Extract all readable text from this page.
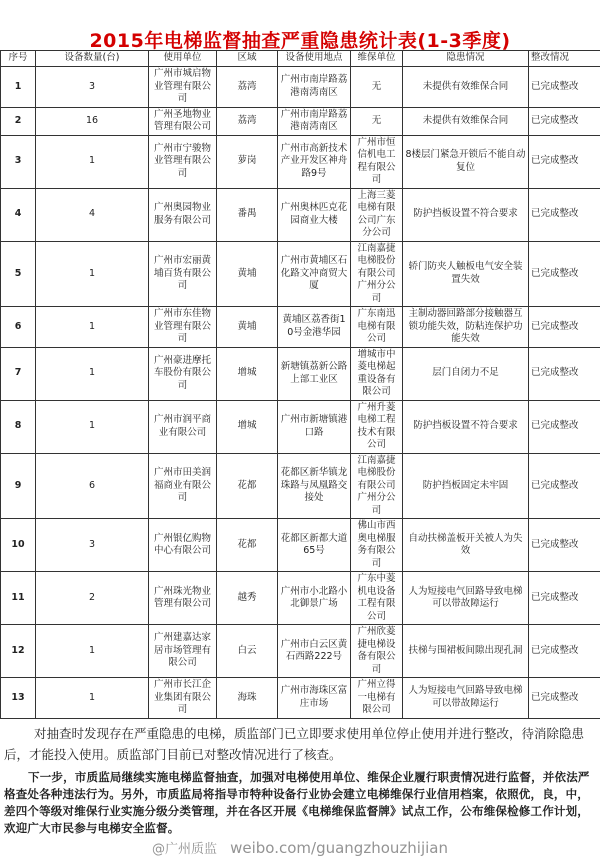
2015年电梯监督抽查严重隐患统计表(1-3季度)
序号	设备数量(台)	使用单位	区域	设备使用地点	维保单位	隐患情况	整改情况
1	3	广州市城启物业管理有限公司	荔湾	广州市南岸路荔港南湾南区	无	未提供有效维保合同	已完成整改
2	16	广州圣地物业管理有限公司	荔湾	广州市南岸路荔港南湾南区	无	未提供有效维保合同	已完成整改
3	1	广州市宁骏物业管理有限公司	萝岗	广州市高新技术产业开发区神舟路9号	广州市恒信机电工程有限公司	8楼层门紧急开锁后不能自动复位	已完成整改
4	4	广州奥园物业服务有限公司	番禺	广州奥林匹克花园商业大楼	上海三菱电梯有限公司广东分公司	防护挡板设置不符合要求	已完成整改
5	1	广州市宏丽黄埔百货有限公司	黄埔	广州市黄埔区石化路文冲商贸大厦	江南嘉捷电梯股份有限公司广州分公司	轿门防夹人触板电气安全装置失效	已完成整改
6	1	广州市东佳物业管理有限公司	黄埔	黄埔区荔香街10号金港华园	广东南迅电梯有限公司	主制动器回路部分接触器互锁功能失效，防粘连保护功能失效	已完成整改
7	1	广州豪进摩托车股份有限公司	增城	新塘镇荔新公路上部工业区	增城市中菱电梯起重设备有限公司	层门自闭力不足	已完成整改
8	1	广州市润平商业有限公司	增城	广州市新塘镇港口路	广州升菱电梯工程技术有限公司	防护挡板设置不符合要求	已完成整改
9	6	广州市田美润福商业有限公司	花都	花都区新华镇龙珠路与凤凰路交接处	江南嘉捷电梯股份有限公司广州分公司	防护挡板固定未牢固	已完成整改
10	3	广州银亿购物中心有限公司	花都	花都区新都大道65号	佛山市西奥电梯服务有限公司	自动扶梯盖板开关被人为失效	已完成整改
11	2	广州珠光物业管理有限公司	越秀	广州市小北路小北御景广场	广东中菱机电设备工程有限公司	人为短接电气回路导致电梯可以带故障运行	已完成整改
12	1	广州建嘉达家居市场管理有限公司	白云	广州市白云区黄石西路222号	广州欣菱捷电梯设备有限公司	扶梯与围裙板间隙出现孔洞	已完成整改
13	1	广州市长江企业集团有限公司	海珠	广州市海珠区富庄市场	广州立得一电梯有限公司	人为短接电气回路导致电梯可以带故障运行	已完成整改
对抽查时发现存在严重隐患的电梯，质监部门已立即要求使用单位停止使用并进行整改，待消除隐患后，才能投入使用。质监部门目前已对整改情况进行了核查。
下一步，市质监局继续实施电梯监督抽查，加强对电梯使用单位、维保企业履行职责情况进行监督，并依法严格查处各种违法行为。另外，市质监局将指导市特种设备行业协会建立电梯维保行业信用档案，依照优，良，中，差四个等级对维保行业实施分级分类管理，并在各区开展《电梯维保监督牌》试点工作，公布维保检修工作计划，欢迎广大市民参与电梯安全监督。
@广州质监 weibo.com/guangzhouzhijian
